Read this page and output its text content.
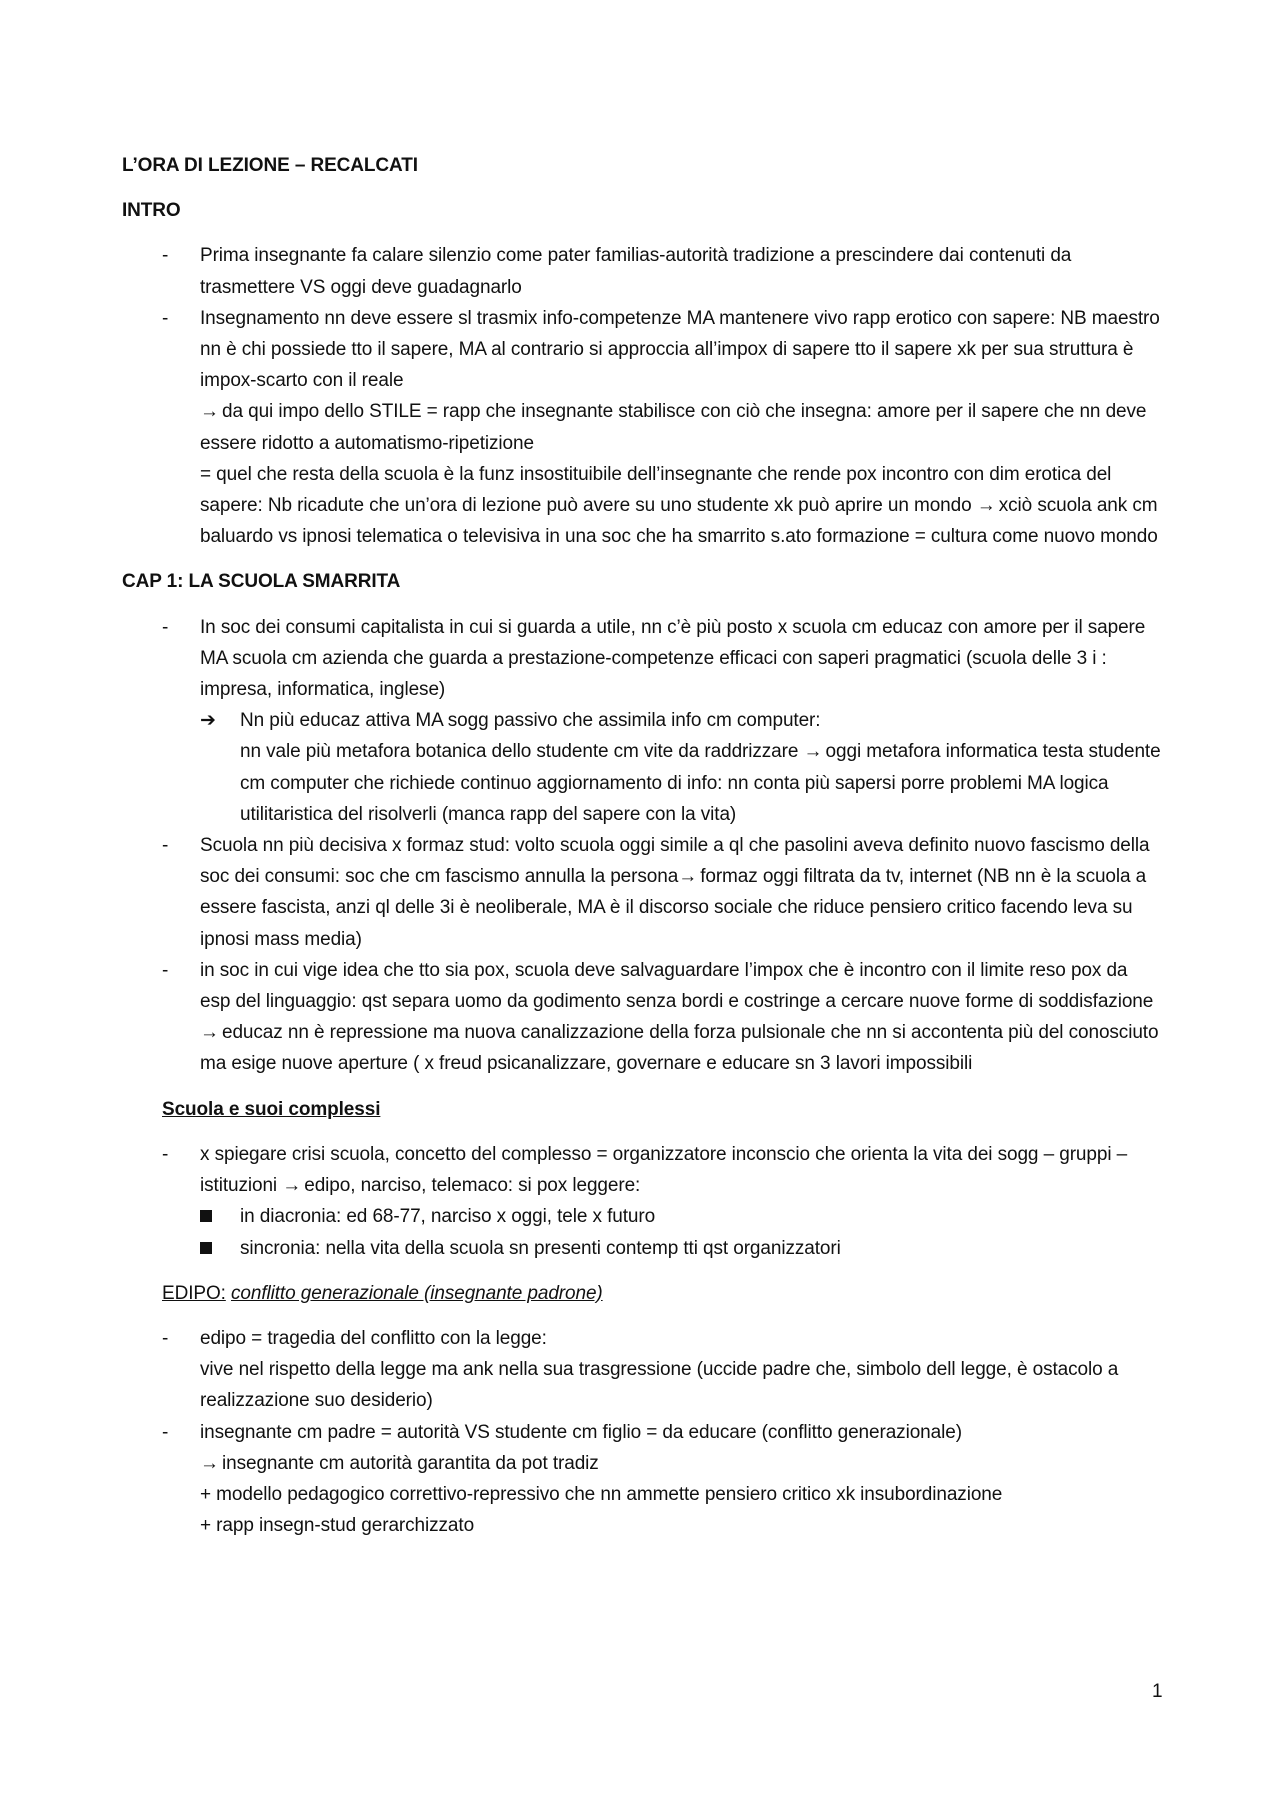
L’ORA DI LEZIONE – RECALCATI
INTRO
- Prima insegnante fa calare silenzio come pater familias-autorità tradizione a prescindere dai contenuti da trasmettere VS oggi deve guadagnarlo
- Insegnamento nn deve essere sl trasmix info-competenze MA mantenere vivo rapp erotico con sapere: NB maestro nn è chi possiede tto il sapere, MA al contrario si approccia all’impox di sapere tto il sapere xk per sua struttura è impox-scarto con il reale
→ da qui impo dello STILE = rapp che insegnante stabilisce con ciò che insegna: amore per il sapere che nn deve essere ridotto a automatismo-ripetizione
= quel che resta della scuola è la funz insostituibile dell’insegnante che rende pox incontro con dim erotica del sapere: Nb ricadute che un’ora di lezione può avere su uno studente xk può aprire un mondo → xciò scuola ank cm baluardo vs ipnosi telematica o televisiva in una soc che ha smarrito s.ato formazione = cultura come nuovo mondo
CAP 1: LA SCUOLA SMARRITA
- In soc dei consumi capitalista in cui si guarda a utile, nn c’è più posto x scuola cm educaz con amore per il sapere MA scuola cm azienda che guarda a prestazione-competenze efficaci con saperi pragmatici (scuola delle 3 i : impresa, informatica, inglese)
➔ Nn più educaz attiva MA sogg passivo che assimila info cm computer:
nn vale più metafora botanica dello studente cm vite da raddrizzare → oggi metafora informatica testa studente cm computer che richiede continuo aggiornamento di info: nn conta più sapersi porre problemi MA logica utilitaristica del risolverli (manca rapp del sapere con la vita)
- Scuola nn più decisiva x formaz stud: volto scuola oggi simile a ql che pasolini aveva definito nuovo fascismo della soc dei consumi: soc che cm fascismo annulla la persona→ formaz oggi filtrata da tv, internet (NB nn è la scuola a essere fascista, anzi ql delle 3i è neoliberale, MA è il discorso sociale che riduce pensiero critico facendo leva su ipnosi mass media)
- in soc in cui vige idea che tto sia pox, scuola deve salvaguardare l’impox che è incontro con il limite reso pox da esp del linguaggio: qst separa uomo da godimento senza bordi e costringe a cercare nuove forme di soddisfazione → educaz nn è repressione ma nuova canalizzazione della forza pulsionale che nn si accontenta più del conosciuto ma esige nuove aperture ( x freud psicanalizzare, governare e educare sn 3 lavori impossibili
Scuola e suoi complessi
- x spiegare crisi scuola, concetto del complesso = organizzatore inconscio che orienta la vita dei sogg – gruppi – istituzioni → edipo, narciso, telemaco: si pox leggere:
in diacronia: ed 68-77, narciso x oggi, tele x futuro
sincronia: nella vita della scuola sn presenti contemp tti qst organizzatori
EDIPO: conflitto generazionale (insegnante padrone)
- edipo = tragedia del conflitto con la legge:
vive nel rispetto della legge ma ank nella sua trasgressione (uccide padre che, simbolo dell legge, è ostacolo a realizzazione suo desiderio)
- insegnante cm padre = autorità VS studente cm figlio = da educare (conflitto generazionale)
→ insegnante cm autorità garantita da pot tradiz
+ modello pedagogico correttivo-repressivo che nn ammette pensiero critico xk insubordinazione
+ rapp insegn-stud gerarchizzato
1
